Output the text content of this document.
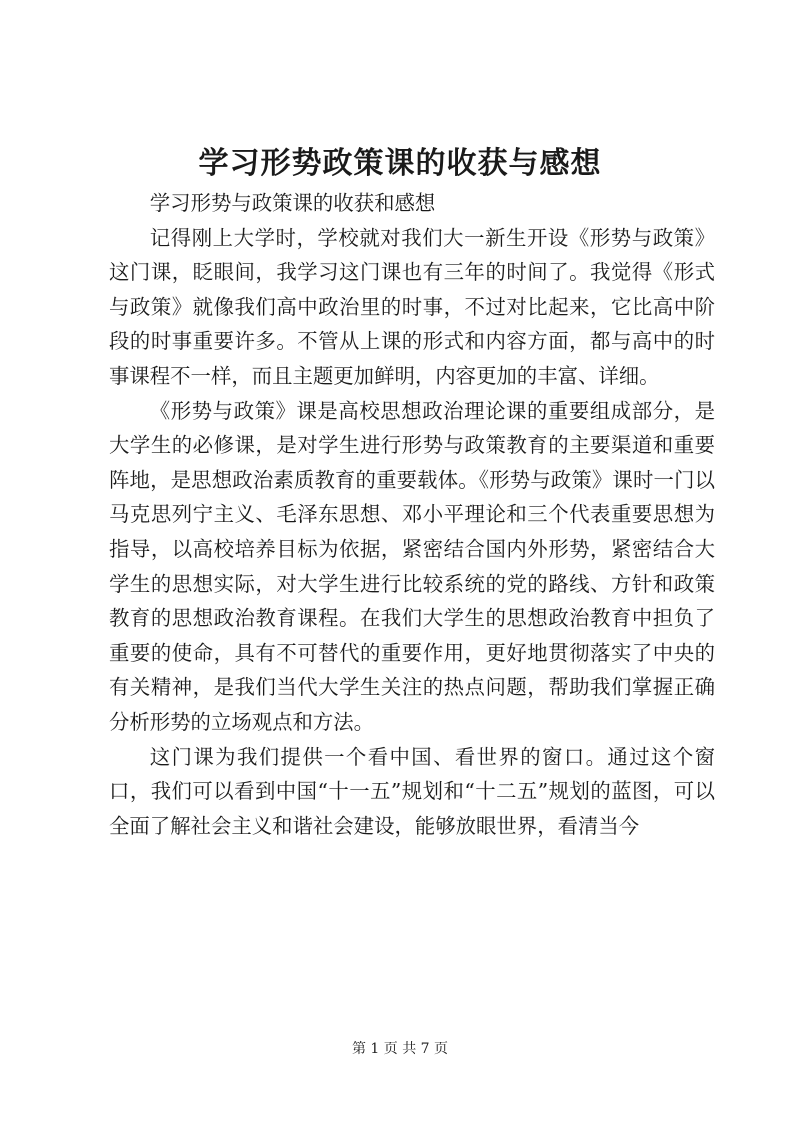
学习形势政策课的收获与感想

学习形势与政策课的收获和感想

记得刚上大学时，学校就对我们大一新生开设《形势与政策》这门课，眨眼间，我学习这门课也有三年的时间了。我觉得《形式与政策》就像我们高中政治里的时事，不过对比起来，它比高中阶段的时事重要许多。不管从上课的形式和内容方面，都与高中的时事课程不一样，而且主题更加鲜明，内容更加的丰富、详细。

《形势与政策》课是高校思想政治理论课的重要组成部分，是大学生的必修课，是对学生进行形势与政策教育的主要渠道和重要阵地，是思想政治素质教育的重要载体。《形势与政策》课时一门以马克思列宁主义、毛泽东思想、邓小平理论和三个代表重要思想为指导，以高校培养目标为依据，紧密结合国内外形势，紧密结合大学生的思想实际，对大学生进行比较系统的党的路线、方针和政策教育的思想政治教育课程。在我们大学生的思想政治教育中担负了重要的使命，具有不可替代的重要作用，更好地贯彻落实了中央的有关精神，是我们当代大学生关注的热点问题，帮助我们掌握正确分析形势的立场观点和方法。

这门课为我们提供一个看中国、看世界的窗口。通过这个窗口，我们可以看到中国“十一五”规划和“十二五”规划的蓝图，可以全面了解社会主义和谐社会建设，能够放眼世界，看清当今

第 1 页 共 7 页
